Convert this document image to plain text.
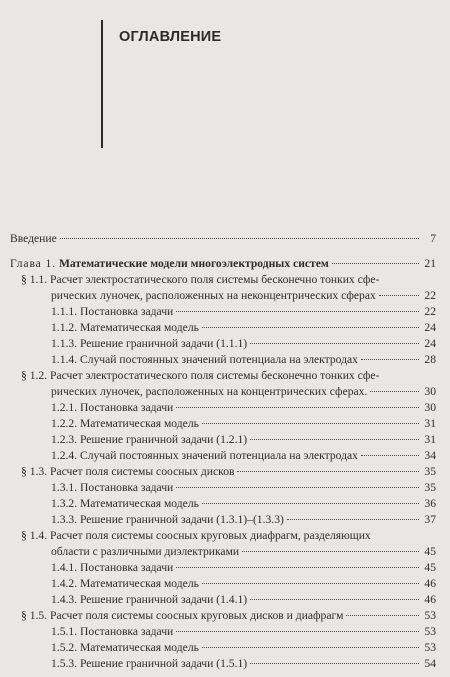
ОГЛАВЛЕНИЕ
Введение	7
Глава 1. Математические модели многоэлектродных систем	21
§ 1.1. Расчет электростатического поля системы бесконечно тонких сфе-
рических луночек, расположенных на неконцентрических сферах	22
1.1.1. Постановка задачи	22
1.1.2. Математическая модель	24
1.1.3. Решение граничной задачи (1.1.1)	24
1.1.4. Случай постоянных значений потенциала на электродах	28
§ 1.2. Расчет электростатического поля системы бесконечно тонких сфе-
рических луночек, расположенных на концентрических сферах.	30
1.2.1. Постановка задачи	30
1.2.2. Математическая модель	31
1.2.3. Решение граничной задачи (1.2.1)	31
1.2.4. Случай постоянных значений потенциала на электродах	34
§ 1.3. Расчет поля системы соосных дисков	35
1.3.1. Постановка задачи	35
1.3.2. Математическая модель	36
1.3.3. Решение граничной задачи (1.3.1)–(1.3.3)	37
§ 1.4. Расчет поля системы соосных круговых диафрагм, разделяющих
области с различными диэлектриками	45
1.4.1. Постановка задачи	45
1.4.2. Математическая модель	46
1.4.3. Решение граничной задачи (1.4.1)	46
§ 1.5. Расчет поля системы соосных круговых дисков и диафрагм	53
1.5.1. Постановка задачи	53
1.5.2. Математическая модель	53
1.5.3. Решение граничной задачи (1.5.1)	54
